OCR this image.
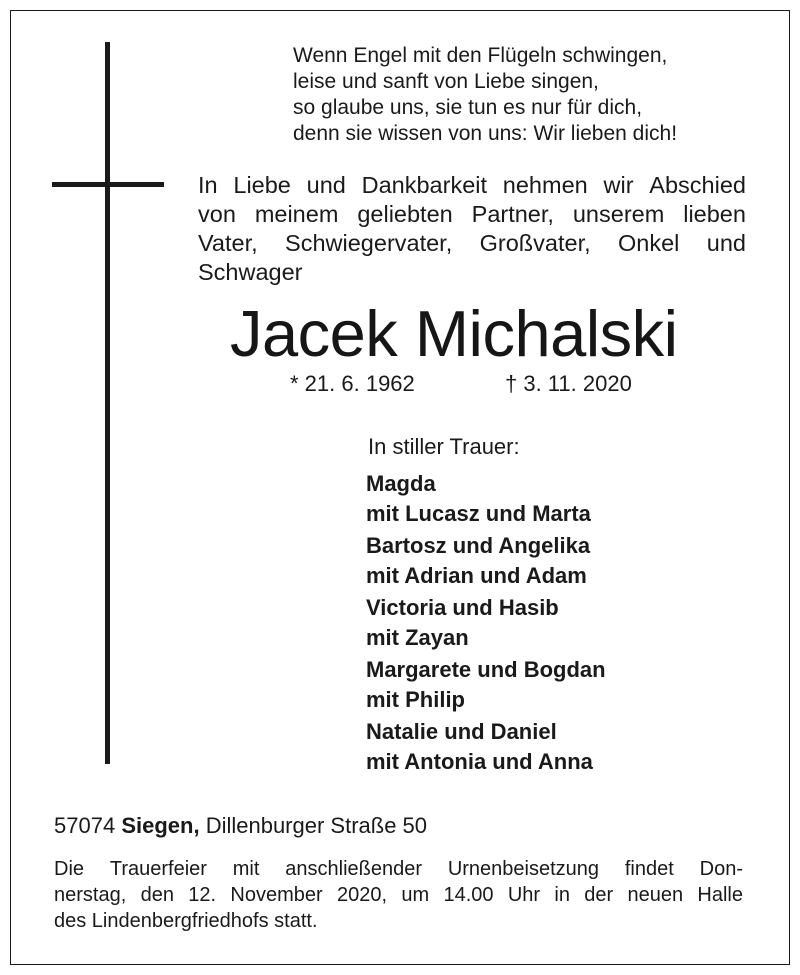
Wenn Engel mit den Flügeln schwingen,
leise und sanft von Liebe singen,
so glaube uns, sie tun es nur für dich,
denn sie wissen von uns: Wir lieben dich!
In Liebe und Dankbarkeit nehmen wir Abschied
von meinem geliebten Partner, unserem lieben
Vater, Schwiegervater, Großvater, Onkel und
Schwager
Jacek Michalski
* 21. 6. 1962	† 3. 11. 2020
In stiller Trauer:
Magda
mit Lucasz und Marta
Bartosz und Angelika
mit Adrian und Adam
Victoria und Hasib
mit Zayan
Margarete und Bogdan
mit Philip
Natalie und Daniel
mit Antonia und Anna
57074 Siegen, Dillenburger Straße 50
Die Trauerfeier mit anschließender Urnenbeisetzung findet Don-
nerstag, den 12. November 2020, um 14.00 Uhr in der neuen Halle
des Lindenbergfriedhofs statt.
